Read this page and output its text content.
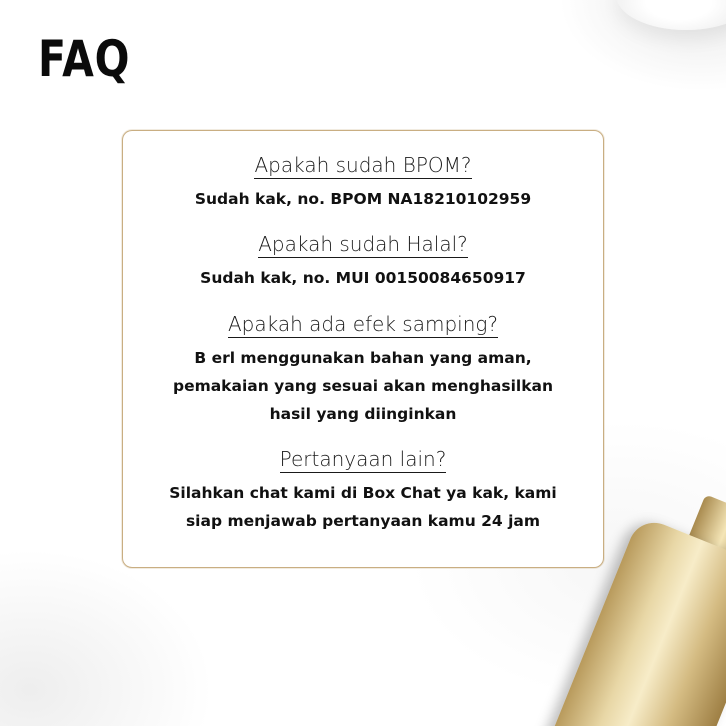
FAQ
Apakah sudah BPOM?
Sudah kak, no. BPOM NA18210102959
Apakah sudah Halal?
Sudah kak, no. MUI 00150084650917
Apakah ada efek samping?
B erl menggunakan bahan yang aman,
pemakaian yang sesuai akan menghasilkan
hasil yang diinginkan
Pertanyaan lain?
Silahkan chat kami di Box Chat ya kak, kami
siap menjawab pertanyaan kamu 24 jam
